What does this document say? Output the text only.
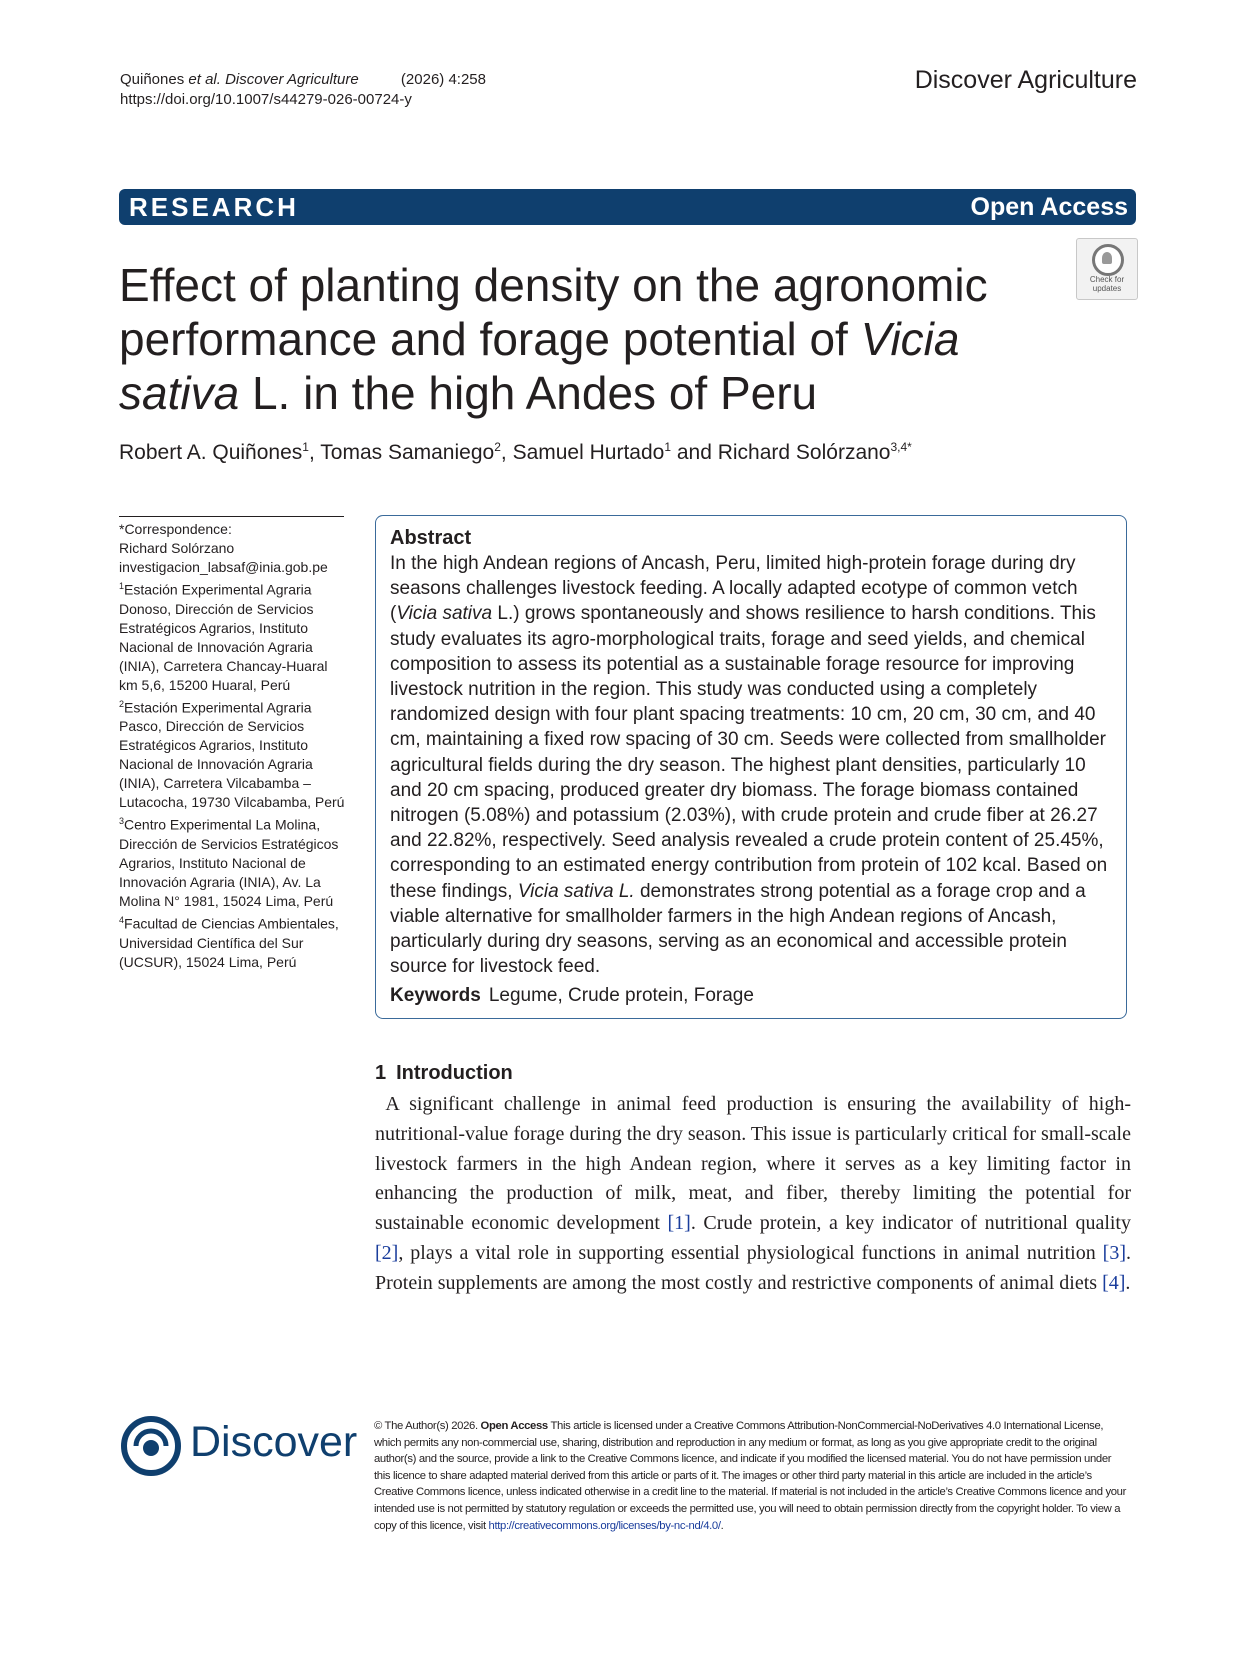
Quiñones et al. Discover Agriculture	(2026) 4:258
https://doi.org/10.1007/s44279-026-00724-y
Discover Agriculture
RESEARCH	Open Access
Effect of planting density on the agronomic performance and forage potential of Vicia sativa L. in the high Andes of Peru
Check for
updates
Robert A. Quiñones$^1$, Tomas Samaniego$^2$, Samuel Hurtado$^1$ and Richard Solórzano$^{3,4*}$

*Correspondence:

Richard Solórzano

investigacion_labsaf@inia.gob.pe

$^1$Estación Experimental Agraria Donoso, Dirección de Servicios Estratégicos Agrarios, Instituto Nacional de Innovación Agraria (INIA), Carretera Chancay-Huaral km 5,6, 15200 Huaral, Perú

$^2$Estación Experimental Agraria Pasco, Dirección de Servicios Estratégicos Agrarios, Instituto Nacional de Innovación Agraria (INIA), Carretera Vilcabamba – Lutacocha, 19730 Vilcabamba, Perú

$^3$Centro Experimental La Molina, Dirección de Servicios Estratégicos Agrarios, Instituto Nacional de Innovación Agraria (INIA), Av. La Molina N° 1981, 15024 Lima, Perú

$^4$Facultad de Ciencias Ambientales, Universidad Científica del Sur (UCSUR), 15024 Lima, Perú

Abstract

In the high Andean regions of Ancash, Peru, limited high-protein forage during dry seasons challenges livestock feeding. A locally adapted ecotype of common vetch (Vicia sativa L.) grows spontaneously and shows resilience to harsh conditions. This study evaluates its agro-morphological traits, forage and seed yields, and chemical composition to assess its potential as a sustainable forage resource for improving livestock nutrition in the region. This study was conducted using a completely randomized design with four plant spacing treatments: 10 cm, 20 cm, 30 cm, and 40 cm, maintaining a fixed row spacing of 30 cm. Seeds were collected from smallholder agricultural fields during the dry season. The highest plant densities, particularly 10 and 20 cm spacing, produced greater dry biomass. The forage biomass contained nitrogen (5.08%) and potassium (2.03%), with crude protein and crude fiber at 26.27 and 22.82%, respectively. Seed analysis revealed a crude protein content of 25.45%, corresponding to an estimated energy contribution from protein of 102 kcal. Based on these findings, Vicia sativa L. demonstrates strong potential as a forage crop and a viable alternative for smallholder farmers in the high Andean regions of Ancash, particularly during dry seasons, serving as an economical and accessible protein source for livestock feed.

Keywords Legume, Crude protein, Forage
1 Introduction

A significant challenge in animal feed production is ensuring the availability of high-nutritional-value forage during the dry season. This issue is particularly critical for small-scale livestock farmers in the high Andean region, where it serves as a key limiting factor in enhancing the production of milk, meat, and fiber, thereby limiting the potential for sustainable economic development [1]. Crude protein, a key indicator of nutritional quality [2], plays a vital role in supporting essential physiological functions in animal nutrition [3]. Protein supplements are among the most costly and restrictive components of animal diets [4].

Discover © The Author(s) 2026. Open Access This article is licensed under a Creative Commons Attribution-NonCommercial-NoDerivatives 4.0 International License, which permits any non-commercial use, sharing, distribution and reproduction in any medium or format, as long as you give appropriate credit to the original author(s) and the source, provide a link to the Creative Commons licence, and indicate if you modified the licensed material. You do not have permission under this licence to share adapted material derived from this article or parts of it. The images or other third party material in this article are included in the article’s Creative Commons licence, unless indicated otherwise in a credit line to the material. If material is not included in the article’s Creative Commons licence and your intended use is not permitted by statutory regulation or exceeds the permitted use, you will need to obtain permission directly from the copyright holder. To view a copy of this licence, visit http://creativecommons.org/licenses/by-nc-nd/4.0/.
